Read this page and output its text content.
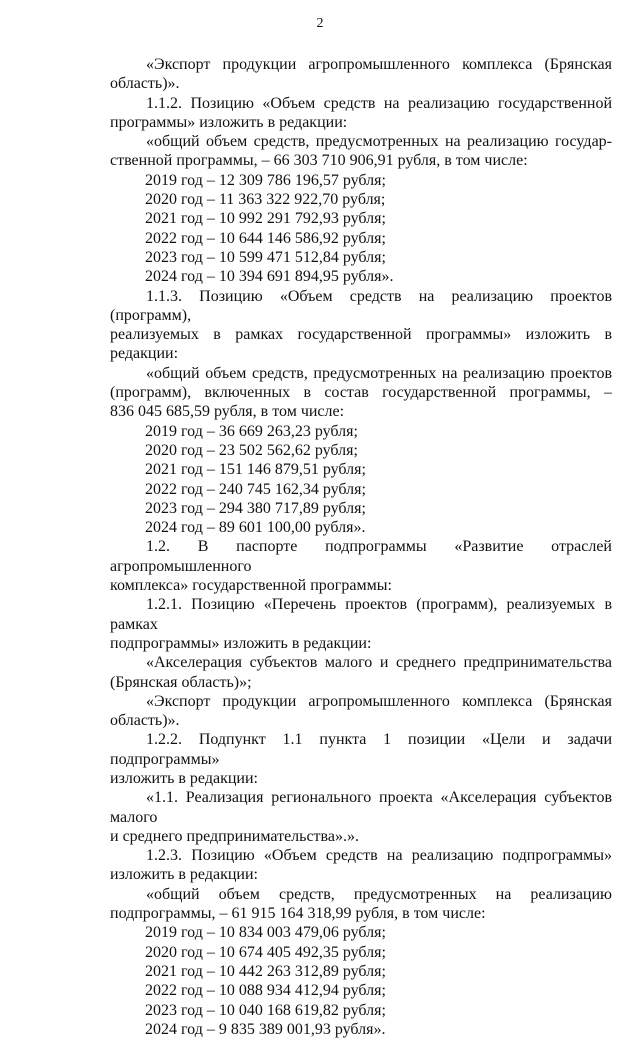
2

«Экспорт продукции агропромышленного комплекса (Брянская

область)».

1.1.2. Позицию «Объем средств на реализацию государственной

программы» изложить в редакции:

«общий объем средств, предусмотренных на реализацию государ-

ственной программы, – 66 303 710 906,91 рубля, в том числе:

2019 год – 12 309 786 196,57 рубля;

2020 год – 11 363 322 922,70 рубля;

2021 год – 10 992 291 792,93 рубля;

2022 год – 10 644 146 586,92 рубля;

2023 год – 10 599 471 512,84 рубля;

2024 год – 10 394 691 894,95 рубля».

1.1.3. Позицию «Объем средств на реализацию проектов (программ),

реализуемых в рамках государственной программы» изложить в редакции:

«общий объем средств, предусмотренных на реализацию проектов

(программ), включенных в состав государственной программы, –

836 045 685,59 рубля, в том числе:

2019 год – 36 669 263,23 рубля;

2020 год – 23 502 562,62 рубля;

2021 год – 151 146 879,51 рубля;

2022 год – 240 745 162,34 рубля;

2023 год – 294 380 717,89 рубля;

2024 год – 89 601 100,00 рубля».

1.2. В паспорте подпрограммы «Развитие отраслей агропромышленного

комплекса» государственной программы:

1.2.1. Позицию «Перечень проектов (программ), реализуемых в рамках

подпрограммы» изложить в редакции:

«Акселерация субъектов малого и среднего предпринимательства

(Брянская область)»;

«Экспорт продукции агропромышленного комплекса (Брянская

область)».

1.2.2. Подпункт 1.1 пункта 1 позиции «Цели и задачи подпрограммы»

изложить в редакции:

«1.1. Реализация регионального проекта «Акселерация субъектов малого

и среднего предпринимательства».».

1.2.3. Позицию «Объем средств на реализацию подпрограммы»

изложить в редакции:

«общий объем средств, предусмотренных на реализацию

подпрограммы, – 61 915 164 318,99 рубля, в том числе:

2019 год – 10 834 003 479,06 рубля;

2020 год – 10 674 405 492,35 рубля;

2021 год – 10 442 263 312,89 рубля;

2022 год – 10 088 934 412,94 рубля;

2023 год – 10 040 168 619,82 рубля;

2024 год – 9 835 389 001,93 рубля».
